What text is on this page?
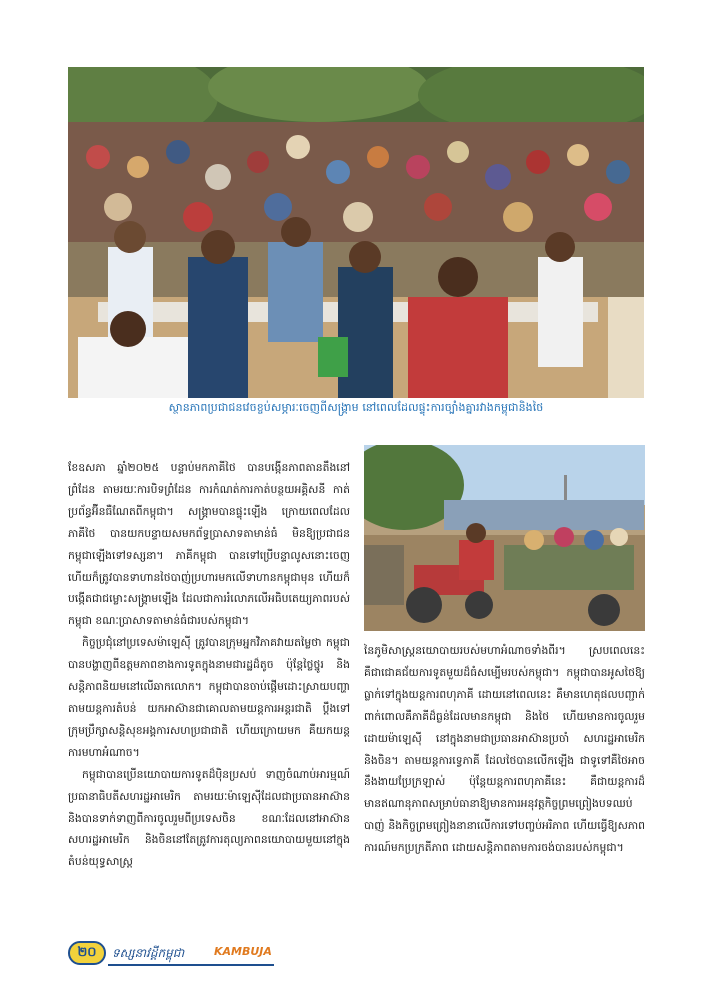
ស្ថានភាពប្រជាជនវេចខ្ចប់សម្ភារៈចេញពីសង្រ្គាម នៅពេលដែលផ្ទុះការច្បាំងគ្នារវាងកម្ពុជានិងថៃ

ខែឧសភា ឆ្នាំ២០២៥ បន្ទាប់មកភាគីថៃ បានបង្កើនភាពតានតឹងនៅព្រំដែន តាមរយៈការបិទព្រំដែន ការកំណត់ការកាត់បន្ថយអគ្គិសនី កាត់ប្រព័ន្ធអ៊ីនធឺណែតពីកម្ពុជា។ សង្គ្រាមបានផ្ទុះឡើង ក្រោយពេលដែលភាគីថៃ បានយកបន្ទាយសមកព័ទ្ធប្រាសាទតាមាន់ធំ មិនឱ្យប្រជាជនកម្ពុជាឡើងទៅទស្សនា។ ភាគីកម្ពុជា បានទៅប្រើបន្ទាលូសនោះចេញ ហើយក៏ត្រូវបានទាហានថៃបាញ់ប្រហារមកលើទាហានកម្ពុជាមុន ហើយក៏បង្កើតជាជម្លោះសង្គ្រាមឡើង ដែលជាការរំលោភលើអធិបតេយ្យភាពរបស់កម្ពុជា ខណៈប្រាសាទតាមាន់ធំជារបស់កម្ពុជា។

កិច្ចប្រជុំនៅប្រទេសម៉ាឡេស៊ី ត្រូវបានក្រុមអ្នកវិភាគវាយតម្លៃថា កម្ពុជាបានបង្ហាញពីឧត្តមភាពខាងការទូតក្នុងនាមជារដ្ឋដ៏តូច ប៉ុន្តែថ្លៃថ្នូរ និងសន្តិភាពនិយមនៅលើឆាកលោក។ កម្ពុជាបានចាប់ផ្តើមដោះស្រាយបញ្ហាតាមយន្តការតំបន់ យកអាស៊ានជាគោលតាមយន្តការអន្តរជាតិ ប្តឹងទៅក្រុមប្រឹក្សាសន្តិសុខអង្គការសហប្រជាជាតិ ហើយក្រោយមក គឺយកយន្តការមហាអំណាច។

កម្ពុជាបានប្រើនយោបាយការទូតដ៏ប៉ិនប្រសប់ ទាញចំណាប់អារម្មណ៍ ប្រធានាធិបតីសហរដ្ឋអាមេរិក តាមរយៈម៉ាឡេស៊ីដែលជាប្រធានអាស៊ាន និងបានទាក់ទាញពីការចូលរួមពីប្រទេសចិន ខណៈដែលនៅអាស៊ាន សហរដ្ឋអាមេរិក និងចិននៅតែត្រូវការតុល្យភាពនយោបាយមួយនៅក្នុងតំបន់យុទ្ធសាស្ត្រ

នៃភូមិសាស្ត្រនយោបាយរបស់មហាអំណាចទាំងពីរ។ ស្របពេលនេះ គឺជាជោគជ័យការទូតមួយដ៏ធំសម្បើមរបស់កម្ពុជា។ កម្ពុជាបានអូសថៃឱ្យធ្លាក់ទៅក្នុងយន្តការពហុភាគី ដោយនៅពេលនេះ គឺមានហេតុផលបញ្ជាក់ពាក់ពោលគឺភាគីដ៏ធ្ងន់ដែលមានកម្ពុជា និងថៃ ហើយមានការចូលរួមដោយម៉ាឡេស៊ី នៅក្នុងនាមជាប្រធានអាស៊ានប្រចាំ សហរដ្ឋអាមេរិក និងចិន។ តាមយន្តការទ្វេភាគី ដែលថៃបានលើកឡើង ជាទូទៅគឺថៃអាចនឹងងាយប្រែក្រឡាស់ ប៉ុន្តែយន្តការពហុភាគីនេះ គឺជាយន្តការដ៏មានឥណានុភាពសម្រាប់ធានាឱ្យមានការអនុវត្តកិច្ចព្រមព្រៀងបទឈប់បាញ់ និងកិច្ចព្រមព្រៀងនានាលើការទៅបញ្ចប់អរិភាព ហើយធ្វើឱ្យសភាពការណ៍មកប្រក្រតីភាព ដោយសន្តិភាពតាមការចង់បានរបស់កម្ពុជា។

២០	ទស្សនាវដ្តីកម្ពុជា	KAMBUJA
